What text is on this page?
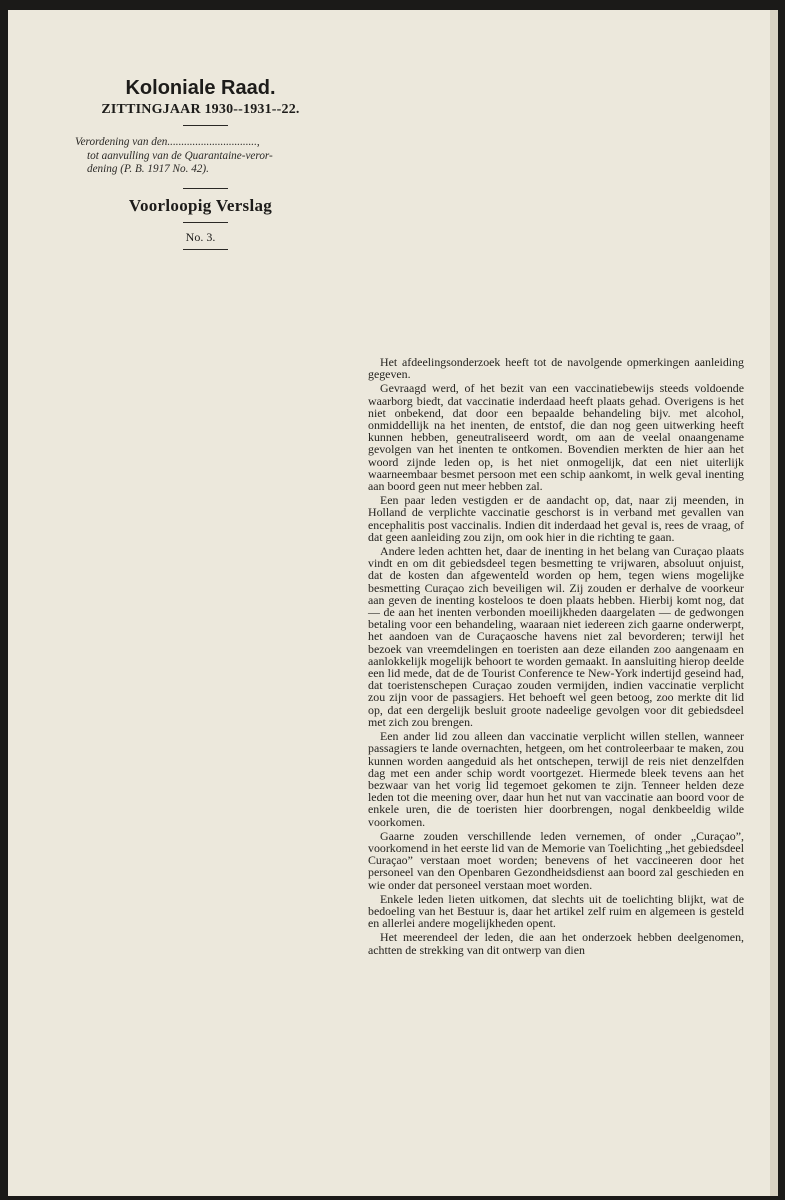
Koloniale Raad.
ZITTINGJAAR 1930--1931--22.
Verordening van den................................,
tot aanvulling van de Quarantaine-veror-
dening (P. B. 1917 No. 42).
Voorloopig Verslag
No. 3.

Het afdeelingsonderzoek heeft tot de navolgende opmerkingen aanleiding gegeven.

Gevraagd werd, of het bezit van een vaccinatiebewijs steeds voldoende waarborg biedt, dat vaccinatie inderdaad heeft plaats gehad. Overigens is het niet onbekend, dat door een bepaalde behandeling bijv. met alcohol, onmiddellijk na het inenten, de entstof, die dan nog geen uitwerking heeft kunnen hebben, geneutraliseerd wordt, om aan de veelal onaangename gevolgen van het inenten te ontkomen. Bovendien merkten de hier aan het woord zijnde leden op, is het niet onmogelijk, dat een niet uiterlijk waarneembaar besmet persoon met een schip aankomt, in welk geval inenting aan boord geen nut meer hebben zal.

Een paar leden vestigden er de aandacht op, dat, naar zij meenden, in Holland de verplichte vaccinatie geschorst is in verband met gevallen van encephalitis post vaccinalis. Indien dit inderdaad het geval is, rees de vraag, of dat geen aanleiding zou zijn, om ook hier in die richting te gaan.

Andere leden achtten het, daar de inenting in het belang van Curaçao plaats vindt en om dit gebiedsdeel tegen besmetting te vrijwaren, absoluut onjuist, dat de kosten dan afgewenteld worden op hem, tegen wiens mogelijke besmetting Curaçao zich beveiligen wil. Zij zouden er derhalve de voorkeur aan geven de inenting kosteloos te doen plaats hebben. Hierbij komt nog, dat — de aan het inenten verbonden moeilijkheden daargelaten — de gedwongen betaling voor een behandeling, waaraan niet iedereen zich gaarne onderwerpt, het aandoen van de Curaçaosche havens niet zal bevorderen; terwijl het bezoek van vreemdelingen en toeristen aan deze eilanden zoo aangenaam en aanlokkelijk mogelijk behoort te worden gemaakt. In aansluiting hierop deelde een lid mede, dat de de Tourist Conference te New-York indertijd geseind had, dat toeristenschepen Curaçao zouden vermijden, indien vaccinatie verplicht zou zijn voor de passagiers. Het behoeft wel geen betoog, zoo merkte dit lid op, dat een dergelijk besluit groote nadeelige gevolgen voor dit gebiedsdeel met zich zou brengen.

Een ander lid zou alleen dan vaccinatie verplicht willen stellen, wanneer passagiers te lande overnachten, hetgeen, om het controleerbaar te maken, zou kunnen worden aangeduid als het ontschepen, terwijl de reis niet denzelfden dag met een ander schip wordt voortgezet. Hiermede bleek tevens aan het bezwaar van het vorig lid tegemoet gekomen te zijn. Tenneer helden deze leden tot die meening over, daar hun het nut van vaccinatie aan boord voor de enkele uren, die de toeristen hier doorbrengen, nogal denkbeeldig wilde voorkomen.

Gaarne zouden verschillende leden vernemen, of onder „Curaçao”, voorkomend in het eerste lid van de Memorie van Toelichting „het gebiedsdeel Curaçao” verstaan moet worden; benevens of het vaccineeren door het personeel van den Openbaren Gezondheidsdienst aan boord zal geschieden en wie onder dat personeel verstaan moet worden.

Enkele leden lieten uitkomen, dat slechts uit de toelichting blijkt, wat de bedoeling van het Bestuur is, daar het artikel zelf ruim en algemeen is gesteld en allerlei andere mogelijkheden opent.

Het meerendeel der leden, die aan het onderzoek hebben deelgenomen, achtten de strekking van dit ontwerp van dien
